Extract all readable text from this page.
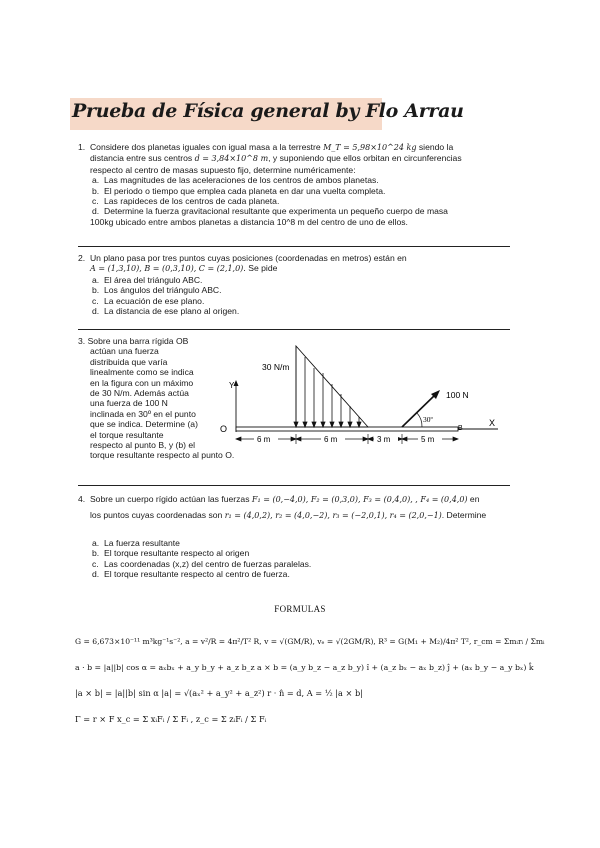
Prueba de Física general by Flo Arrau

1. Considere dos planetas iguales con igual masa a la terrestre M_T = 5,98×10^24 kg siendo la

distancia entre sus centros d = 3,84×10^8 m, y suponiendo que ellos orbitan en circunferencias

respecto al centro de masas supuesto fijo, determine numéricamente:

a. Las magnitudes de las aceleraciones de los centros de ambos planetas.

b. El periodo o tiempo que emplea cada planeta en dar una vuelta completa.

c. Las rapideces de los centros de cada planeta.

d. Determine la fuerza gravitacional resultante que experimenta un pequeño cuerpo de masa

100kg ubicado entre ambos planetas a distancia 10^8 m del centro de uno de ellos.

2. Un plano pasa por tres puntos cuyas posiciones (coordenadas en metros) están en

A = (1,3,10), B = (0,3,10), C = (2,1,0). Se pide

a. El área del triángulo ABC.

b. Los ángulos del triángulo ABC.

c. La ecuación de ese plano.

d. La distancia de ese plano al origen.

3. Sobre una barra rígida OB

actúan una fuerza

distribuida que varía

linealmente como se indica

en la figura con un máximo

de 30 N/m. Además actúa

una fuerza de 100 N

inclinada en 30º en el punto

que se indica. Determine (a)

el torque resultante

respecto al punto B, y (b) el

torque resultante respecto al punto O.

Y
O
X
B
30 N/m
100 N
30º
6 m	6 m	3 m	5 m

4. Sobre un cuerpo rígido actúan las fuerzas F₁ = (0,−4,0), F₂ = (0,3,0), F₃ = (0,4,0), , F₄ = (0,4,0) en

los puntos cuyas coordenadas son r₁ = (4,0,2), r₂ = (4,0,−2), r₃ = (−2,0,1), r₄ = (2,0,−1). Determine

a. La fuerza resultante

b. El torque resultante respecto al origen

c. Las coordenadas (x,z) del centro de fuerzas paralelas.

d. El torque resultante respecto al centro de fuerza.

FORMULAS
G = 6,673×10⁻¹¹ m³kg⁻¹s⁻², a = v²/R = 4π²/T² R, v = √(GM/R), vₑ = √(2GM/R), R³ = G(M₁ + M₂)/4π² T², r_cm = Σmᵢrᵢ / Σmᵢ
a · b = |a||b| cos α = aₓbₓ + a_y b_y + a_z b_z a × b = (a_y b_z − a_z b_y) î + (a_z bₓ − aₓ b_z) ĵ + (aₓ b_y − a_y bₓ) k̂
|a × b| = |a||b| sin α |a| = √(aₓ² + a_y² + a_z²) r · n̂ = d, A = ½ |a × b|
Γ = r × F x_c = Σ xᵢFᵢ / Σ Fᵢ , z_c = Σ zᵢFᵢ / Σ Fᵢ
